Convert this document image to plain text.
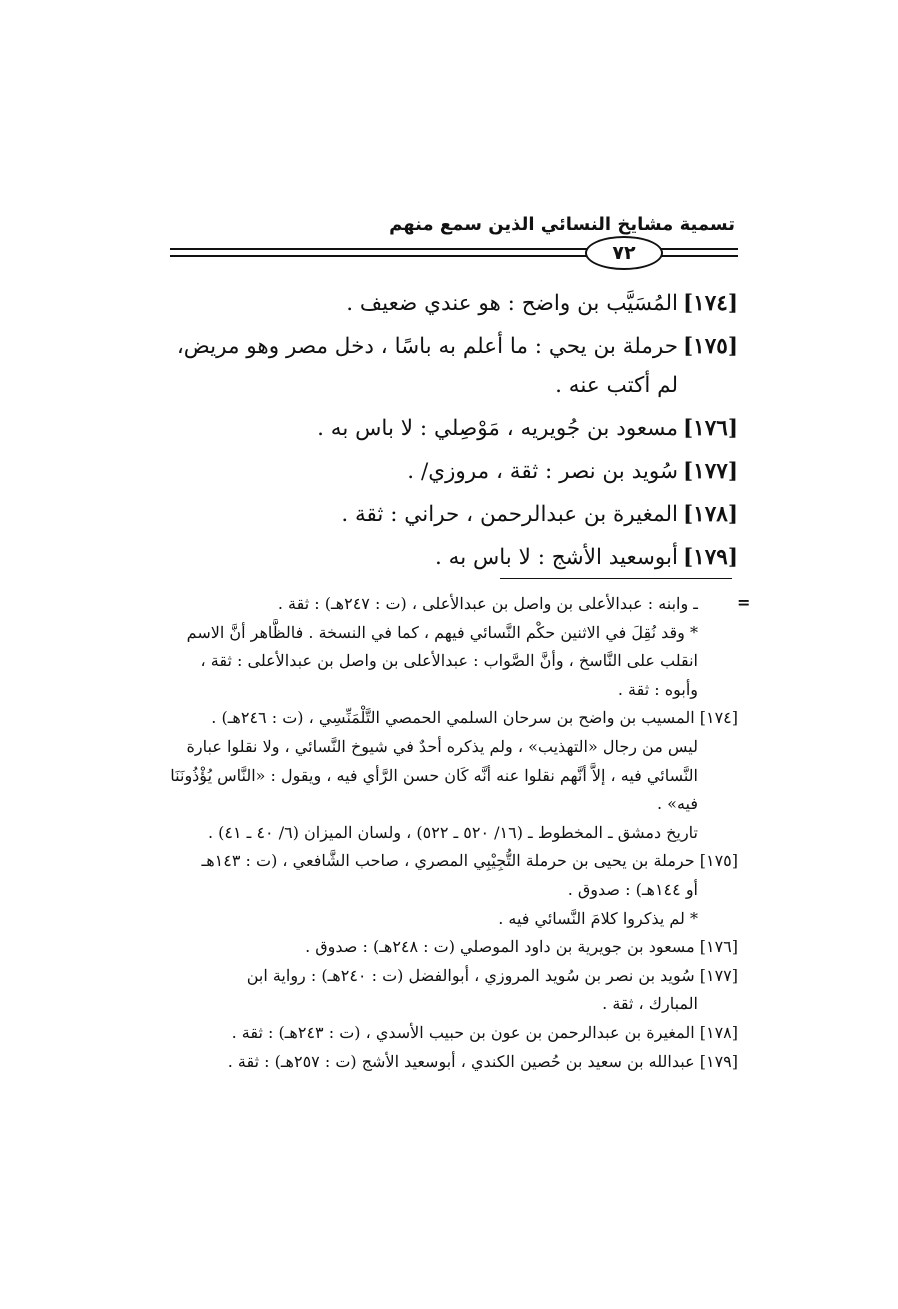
تسمية مشايخ النسائي الذين سمع منهم
٧٢
[١٧٤]
المُسَيَّب بن واضح : هو عندي ضعيف .
[١٧٥]
حرملة بن يحي : ما أعلم به باسًا ، دخل مصر وهو مريض، لم أكتب عنه .
[١٧٦]
مسعود بن جُويريه ، مَوْصِلي : لا باس به .
[١٧٧]
سُويد بن نصر : ثقة ، مروزي/ .
[١٧٨]
المغيرة بن عبدالرحمن ، حراني : ثقة .
[١٧٩]
أبوسعيد الأشج : لا باس به .
=
ـ وابنه : عبدالأعلى بن واصل بن عبدالأعلى ، (ت : ٢٤٧هـ) : ثقة .
* وقد نُقِلَ في الاثنين حكْم النَّسائي فيهم ، كما في النسخة . فالظَّاهر أنَّ الاسم
انقلب على النَّاسخ ، وأنَّ الصَّواب : عبدالأعلى بن واصل بن عبدالأعلى : ثقة ،
وأبوه : ثقة .
[١٧٤] المسيب بن واضح بن سرحان السلمي الحمصي التَّلْمَنِّسِي ، (ت : ٢٤٦هـ) .
ليس من رجال «التهذيب» ، ولم يذكره أحدٌ في شيوخ النَّسائي ، ولا نقلوا عبارة
النَّسائي فيه ، إلاَّ أنَّهم نقلوا عنه أنَّه كَان حسن الرَّأي فيه ، ويقول : «النَّاس يُؤْذُونَنَا
فيه» .
تاريخ دمشق ـ المخطوط ـ (١٦/ ٥٢٠ ـ ٥٢٢) ، ولسان الميزان (٦/ ٤٠ ـ ٤١) .
[١٧٥] حرملة بن يحيى بن حرملة التُّجِيْبِي المصري ، صاحب الشَّافعي ، (ت : ١٤٣هـ
أو ١٤٤هـ) : صدوق .
* لم يذكروا كلامَ النَّسائي فيه .
[١٧٦] مسعود بن جويرية بن داود الموصلي (ت : ٢٤٨هـ) : صدوق .
[١٧٧] سُويد بن نصر بن سُويد المروزي ، أبوالفضل (ت : ٢٤٠هـ) : رواية ابن
المبارك ، ثقة .
[١٧٨] المغيرة بن عبدالرحمن بن عون بن حبيب الأسدي ، (ت : ٢٤٣هـ) : ثقة .
[١٧٩] عبدالله بن سعيد بن حُصين الكندي ، أبوسعيد الأشج (ت : ٢٥٧هـ) : ثقة .
